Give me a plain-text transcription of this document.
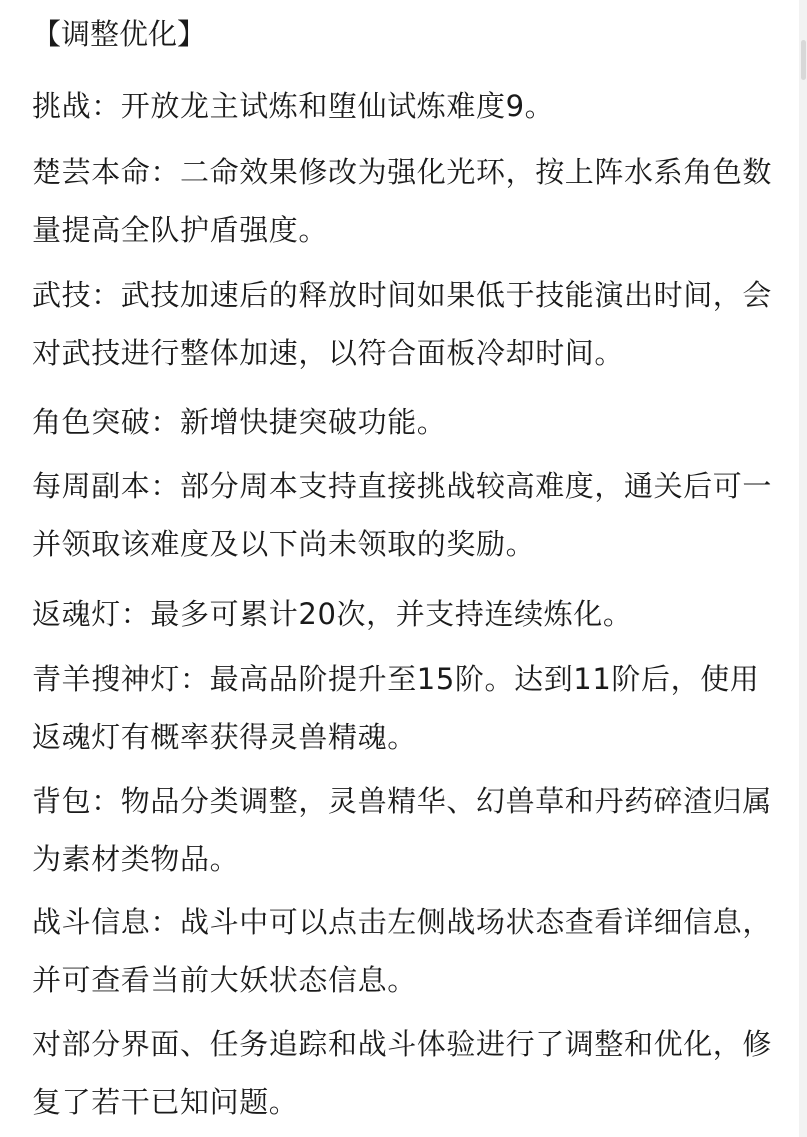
【调整优化】
挑战：开放龙主试炼和堕仙试炼难度9。
楚芸本命：二命效果修改为强化光环，按上阵水系角色数量提高全队护盾强度。
武技：武技加速后的释放时间如果低于技能演出时间，会对武技进行整体加速，以符合面板冷却时间。
角色突破：新增快捷突破功能。
每周副本：部分周本支持直接挑战较高难度，通关后可一并领取该难度及以下尚未领取的奖励。
返魂灯：最多可累计20次，并支持连续炼化。
青羊搜神灯：最高品阶提升至15阶。达到11阶后，使用返魂灯有概率获得灵兽精魂。
背包：物品分类调整，灵兽精华、幻兽草和丹药碎渣归属为素材类物品。
战斗信息：战斗中可以点击左侧战场状态查看详细信息，并可查看当前大妖状态信息。
对部分界面、任务追踪和战斗体验进行了调整和优化，修复了若干已知问题。
